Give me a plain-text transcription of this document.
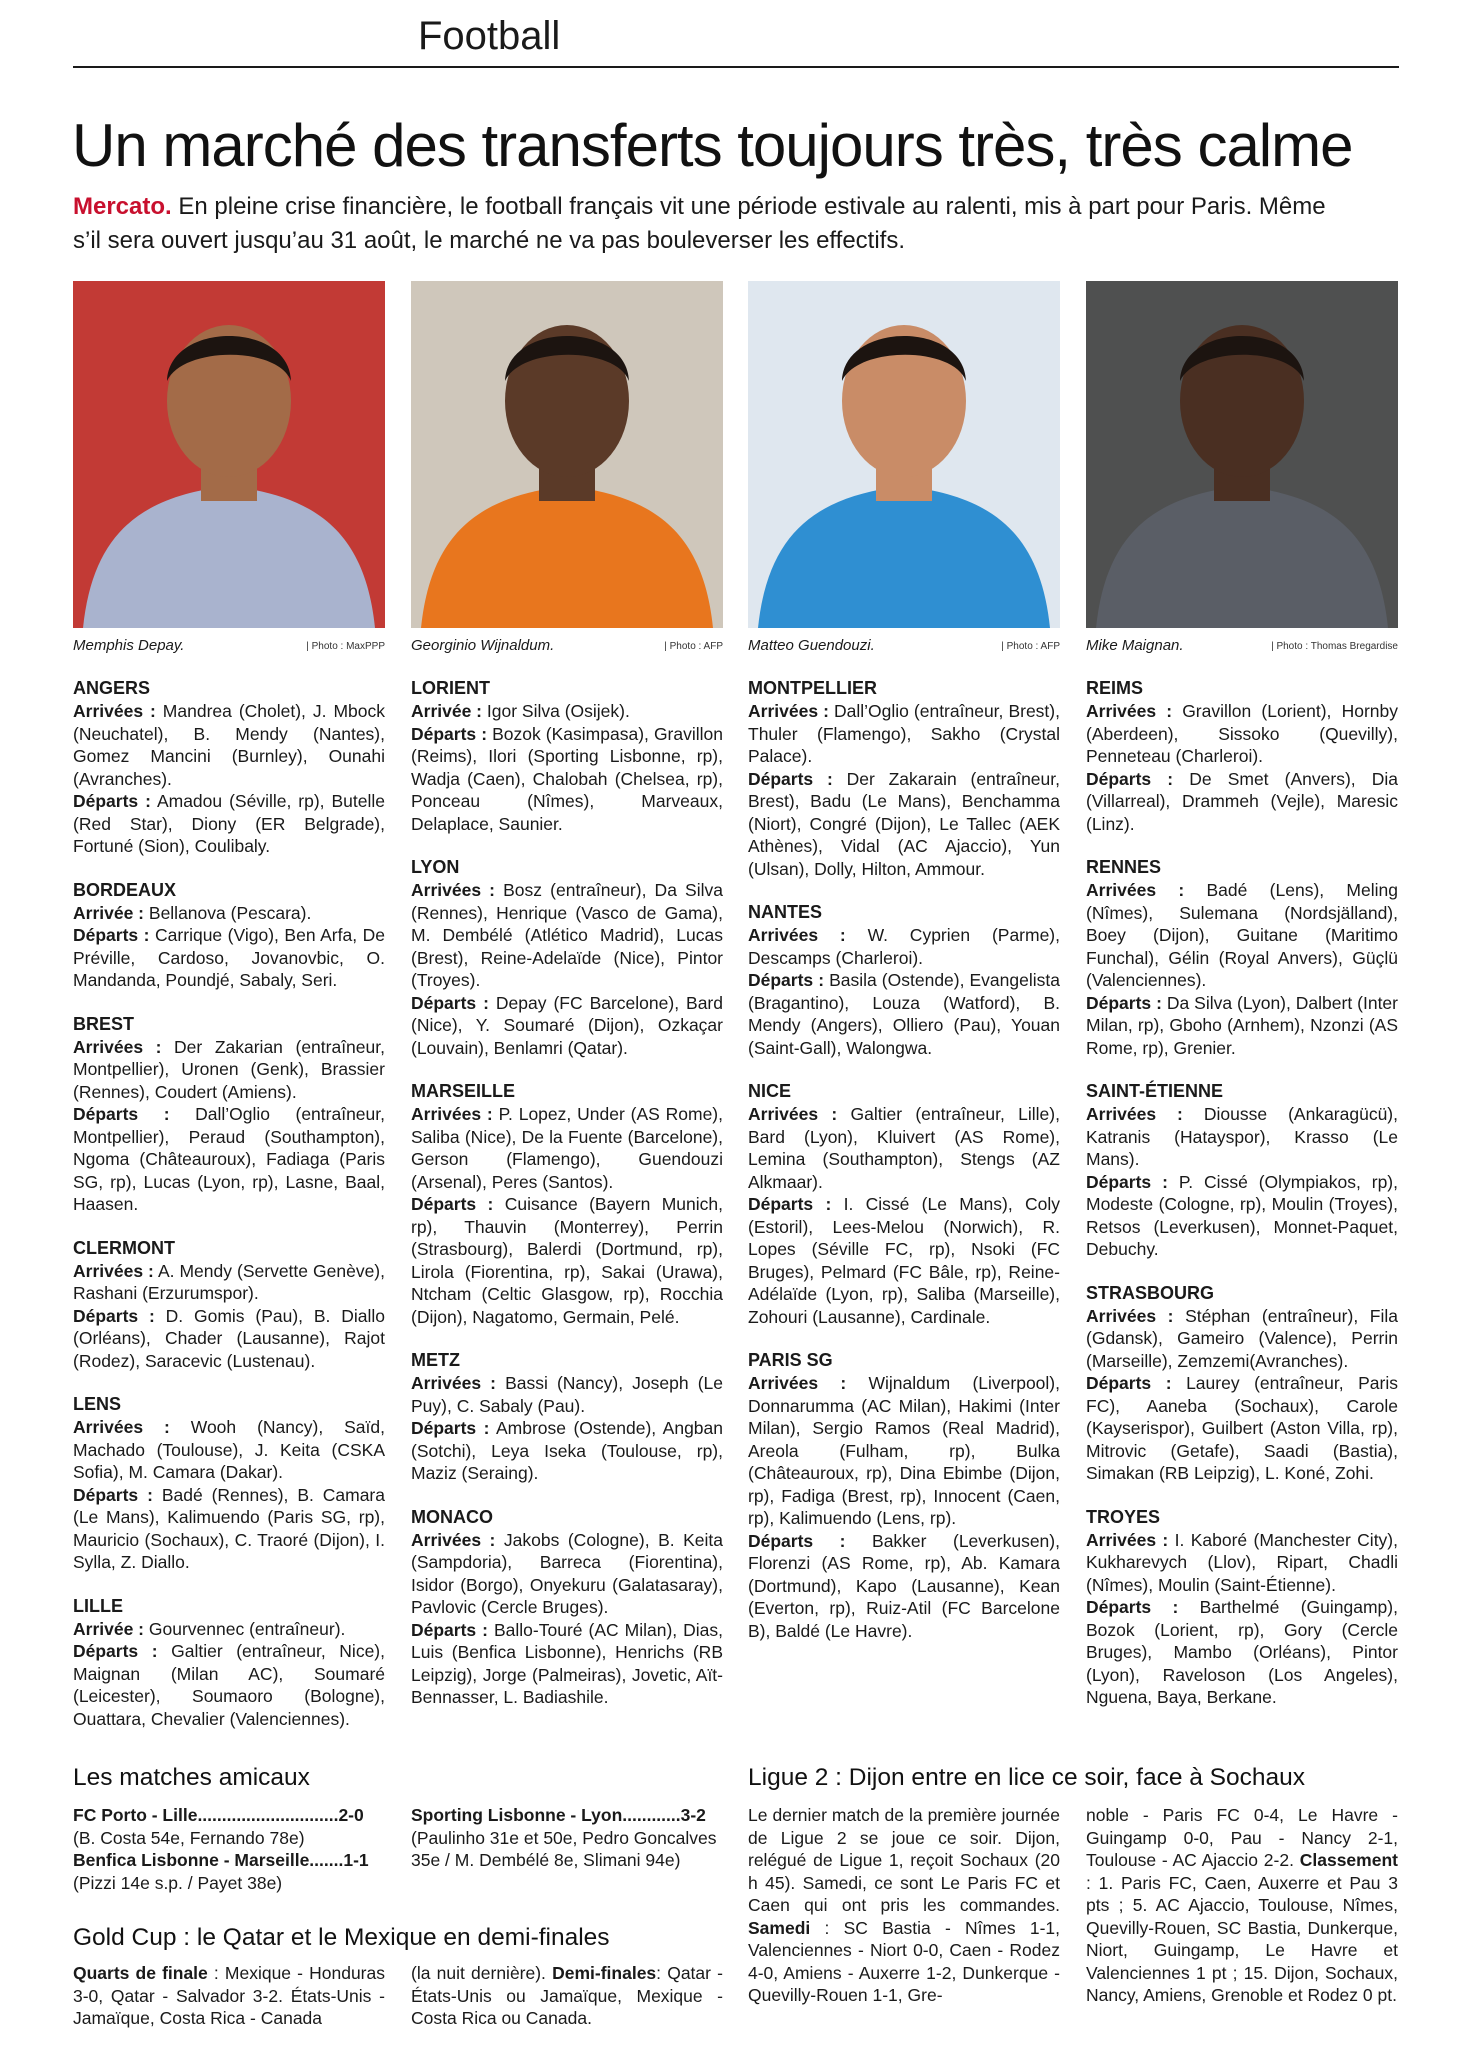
Football
Un marché des transferts toujours très, très calme
Mercato. En pleine crise financière, le football français vit une période estivale au ralenti, mis à part pour Paris. Même s’il sera ouvert jusqu’au 31 août, le marché ne va pas bouleverser les effectifs.
Memphis Depay.	| Photo : MaxPPP Georginio Wijnaldum.	| Photo : AFP Matteo Guendouzi.	| Photo : AFP Mike Maignan.	| Photo : Thomas Bregardise
ANGERS

Arrivées : Mandrea (Cholet), J. Mbock (Neuchatel), B. Mendy (Nantes), Gomez Mancini (Burnley), Ounahi (Avranches).

Départs : Amadou (Séville, rp), Butelle (Red Star), Diony (ER Belgrade), Fortuné (Sion), Coulibaly.

BORDEAUX

Arrivée : Bellanova (Pescara).

Départs : Carrique (Vigo), Ben Arfa, De Préville, Cardoso, Jovanovbic, O. Mandanda, Poundjé, Sabaly, Seri.

BREST

Arrivées : Der Zakarian (entraîneur, Montpellier), Uronen (Genk), Brassier (Rennes), Coudert (Amiens).

Départs : Dall’Oglio (entraîneur, Montpellier), Peraud (Southampton), Ngoma (Châteauroux), Fadiaga (Paris SG, rp), Lucas (Lyon, rp), Lasne, Baal, Haasen.

CLERMONT

Arrivées : A. Mendy (Servette Genève), Rashani (Erzurumspor).

Départs : D. Gomis (Pau), B. Diallo (Orléans), Chader (Lausanne), Rajot (Rodez), Saracevic (Lustenau).

LENS

Arrivées : Wooh (Nancy), Saïd, Machado (Toulouse), J. Keita (CSKA Sofia), M. Camara (Dakar).

Départs : Badé (Rennes), B. Camara (Le Mans), Kalimuendo (Paris SG, rp), Mauricio (Sochaux), C. Traoré (Dijon), I. Sylla, Z. Diallo.

LILLE

Arrivée : Gourvennec (entraîneur).

Départs : Galtier (entraîneur, Nice), Maignan (Milan AC), Soumaré (Leicester), Soumaoro (Bologne), Ouattara, Chevalier (Valenciennes).

LORIENT

Arrivée : Igor Silva (Osijek).

Départs : Bozok (Kasimpasa), Gravillon (Reims), Ilori (Sporting Lisbonne, rp), Wadja (Caen), Chalobah (Chelsea, rp), Ponceau (Nîmes), Marveaux, Delaplace, Saunier.

LYON

Arrivées : Bosz (entraîneur), Da Silva (Rennes), Henrique (Vasco de Gama), M. Dembélé (Atlético Madrid), Lucas (Brest), Reine-Adelaïde (Nice), Pintor (Troyes).

Départs : Depay (FC Barcelone), Bard (Nice), Y. Soumaré (Dijon), Ozkaçar (Louvain), Benlamri (Qatar).

MARSEILLE

Arrivées : P. Lopez, Under (AS Rome), Saliba (Nice), De la Fuente (Barcelone), Gerson (Flamengo), Guendouzi (Arsenal), Peres (Santos).

Départs : Cuisance (Bayern Munich, rp), Thauvin (Monterrey), Perrin (Strasbourg), Balerdi (Dortmund, rp), Lirola (Fiorentina, rp), Sakai (Urawa), Ntcham (Celtic Glasgow, rp), Rocchia (Dijon), Nagatomo, Germain, Pelé.

METZ

Arrivées : Bassi (Nancy), Joseph (Le Puy), C. Sabaly (Pau).

Départs : Ambrose (Ostende), Angban (Sotchi), Leya Iseka (Toulouse, rp), Maziz (Seraing).

MONACO

Arrivées : Jakobs (Cologne), B. Keita (Sampdoria), Barreca (Fiorentina), Isidor (Borgo), Onyekuru (Galatasaray), Pavlovic (Cercle Bruges).

Départs : Ballo-Touré (AC Milan), Dias, Luis (Benfica Lisbonne), Henrichs (RB Leipzig), Jorge (Palmeiras), Jovetic, Aït-Bennasser, L. Badiashile.

MONTPELLIER

Arrivées : Dall’Oglio (entraîneur, Brest), Thuler (Flamengo), Sakho (Crystal Palace).

Départs : Der Zakarain (entraîneur, Brest), Badu (Le Mans), Benchamma (Niort), Congré (Dijon), Le Tallec (AEK Athènes), Vidal (AC Ajaccio), Yun (Ulsan), Dolly, Hilton, Ammour.

NANTES

Arrivées : W. Cyprien (Parme), Descamps (Charleroi).

Départs : Basila (Ostende), Evangelista (Bragantino), Louza (Watford), B. Mendy (Angers), Olliero (Pau), Youan (Saint-Gall), Walongwa.

NICE

Arrivées : Galtier (entraîneur, Lille), Bard (Lyon), Kluivert (AS Rome), Lemina (Southampton), Stengs (AZ Alkmaar).

Départs : I. Cissé (Le Mans), Coly (Estoril), Lees-Melou (Norwich), R. Lopes (Séville FC, rp), Nsoki (FC Bruges), Pelmard (FC Bâle, rp), Reine-Adélaïde (Lyon, rp), Saliba (Marseille), Zohouri (Lausanne), Cardinale.

PARIS SG

Arrivées : Wijnaldum (Liverpool), Donnarumma (AC Milan), Hakimi (Inter Milan), Sergio Ramos (Real Madrid), Areola (Fulham, rp), Bulka (Châteauroux, rp), Dina Ebimbe (Dijon, rp), Fadiga (Brest, rp), Innocent (Caen, rp), Kalimuendo (Lens, rp).

Départs : Bakker (Leverkusen), Florenzi (AS Rome, rp), Ab. Kamara (Dortmund), Kapo (Lausanne), Kean (Everton, rp), Ruiz-Atil (FC Barcelone B), Baldé (Le Havre).

REIMS

Arrivées : Gravillon (Lorient), Hornby (Aberdeen), Sissoko (Quevilly), Penneteau (Charleroi).

Départs : De Smet (Anvers), Dia (Villarreal), Drammeh (Vejle), Maresic (Linz).

RENNES

Arrivées : Badé (Lens), Meling (Nîmes), Sulemana (Nordsjälland), Boey (Dijon), Guitane (Maritimo Funchal), Gélin (Royal Anvers), Güçlü (Valenciennes).

Départs : Da Silva (Lyon), Dalbert (Inter Milan, rp), Gboho (Arnhem), Nzonzi (AS Rome, rp), Grenier.

SAINT-ÉTIENNE

Arrivées : Diousse (Ankaragücü), Katranis (Hatayspor), Krasso (Le Mans).

Départs : P. Cissé (Olympiakos, rp), Modeste (Cologne, rp), Moulin (Troyes), Retsos (Leverkusen), Monnet-Paquet, Debuchy.

STRASBOURG

Arrivées : Stéphan (entraîneur), Fila (Gdansk), Gameiro (Valence), Perrin (Marseille), Zemzemi(Avranches).

Départs : Laurey (entraîneur, Paris FC), Aaneba (Sochaux), Carole (Kayserispor), Guilbert (Aston Villa, rp), Mitrovic (Getafe), Saadi (Bastia), Simakan (RB Leipzig), L. Koné, Zohi.

TROYES

Arrivées : I. Kaboré (Manchester City), Kukharevych (Llov), Ripart, Chadli (Nîmes), Moulin (Saint-Étienne).

Départs : Barthelmé (Guingamp), Bozok (Lorient, rp), Gory (Cercle Bruges), Mambo (Orléans), Pintor (Lyon), Raveloson (Los Angeles), Nguena, Baya, Berkane.

Les matches amicaux

FC Porto - Lille.............................2-0

(B. Costa 54e, Fernando 78e)

Benfica Lisbonne - Marseille.......1-1

(Pizzi 14e s.p. / Payet 38e)

Sporting Lisbonne - Lyon............3-2

(Paulinho 31e et 50e, Pedro Goncalves 35e / M. Dembélé 8e, Slimani 94e)

Gold Cup : le Qatar et le Mexique en demi-finales
Quarts de finale : Mexique - Honduras 3-0, Qatar - Salvador 3-2. États-Unis - Jamaïque, Costa Rica - Canada
(la nuit dernière). Demi-finales: Qatar - États-Unis ou Jamaïque, Mexique - Costa Rica ou Canada.
Ligue 2 : Dijon entre en lice ce soir, face à Sochaux
Le dernier match de la première journée de Ligue 2 se joue ce soir. Dijon, relégué de Ligue 1, reçoit Sochaux (20 h 45). Samedi, ce sont Le Paris FC et Caen qui ont pris les commandes. Samedi : SC Bastia - Nîmes 1-1, Valenciennes - Niort 0-0, Caen - Rodez 4-0, Amiens - Auxerre 1-2, Dunkerque - Quevilly-Rouen 1-1, Gre-
noble - Paris FC 0-4, Le Havre - Guingamp 0-0, Pau - Nancy 2-1, Toulouse - AC Ajaccio 2-2. Classement : 1. Paris FC, Caen, Auxerre et Pau 3 pts ; 5. AC Ajaccio, Toulouse, Nîmes, Quevilly-Rouen, SC Bastia, Dunkerque, Niort, Guingamp, Le Havre et Valenciennes 1 pt ; 15. Dijon, Sochaux, Nancy, Amiens, Grenoble et Rodez 0 pt.
